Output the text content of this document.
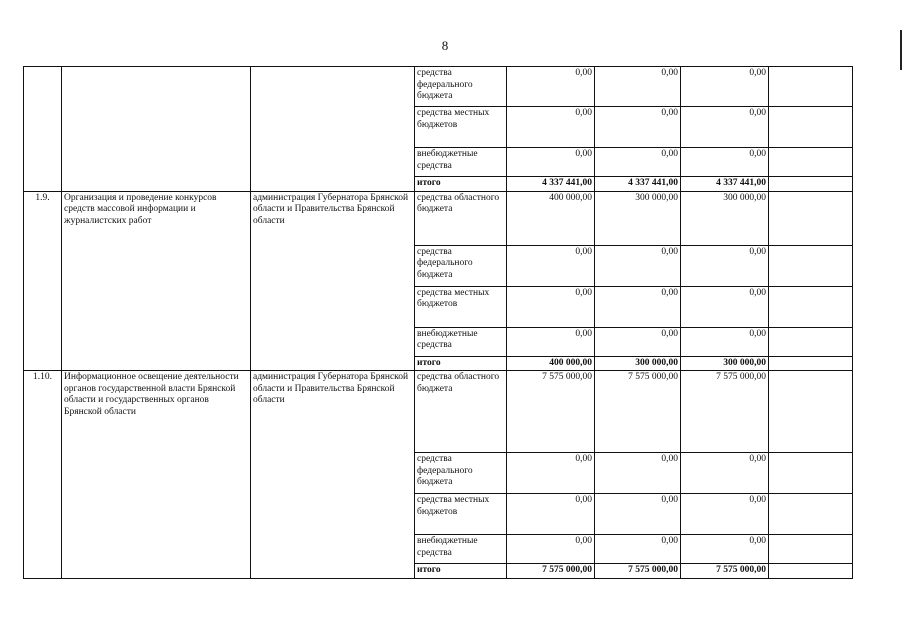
8
			средства федерального бюджета	0,00	0,00	0,00	
			средства местных бюджетов	0,00	0,00	0,00	
			внебюджетные средства	0,00	0,00	0,00	
			итого	4 337 441,00	4 337 441,00	4 337 441,00	
1.9.	Организация и проведение конкурсов средств массовой информации и журналистских работ	администрация Губернатора Брянской области и Правительства Брянской области	средства областного бюджета	400 000,00	300 000,00	300 000,00	
			средства федерального бюджета	0,00	0,00	0,00	
			средства местных бюджетов	0,00	0,00	0,00	
			внебюджетные средства	0,00	0,00	0,00	
			итого	400 000,00	300 000,00	300 000,00	
1.10.	Информационное освещение деятельности органов государственной власти Брянской области и государственных органов Брянской области	администрация Губернатора Брянской области и Правительства Брянской области	средства областного бюджета	7 575 000,00	7 575 000,00	7 575 000,00	
			средства федерального бюджета	0,00	0,00	0,00	
			средства местных бюджетов	0,00	0,00	0,00	
			внебюджетные средства	0,00	0,00	0,00	
			итого	7 575 000,00	7 575 000,00	7 575 000,00	
